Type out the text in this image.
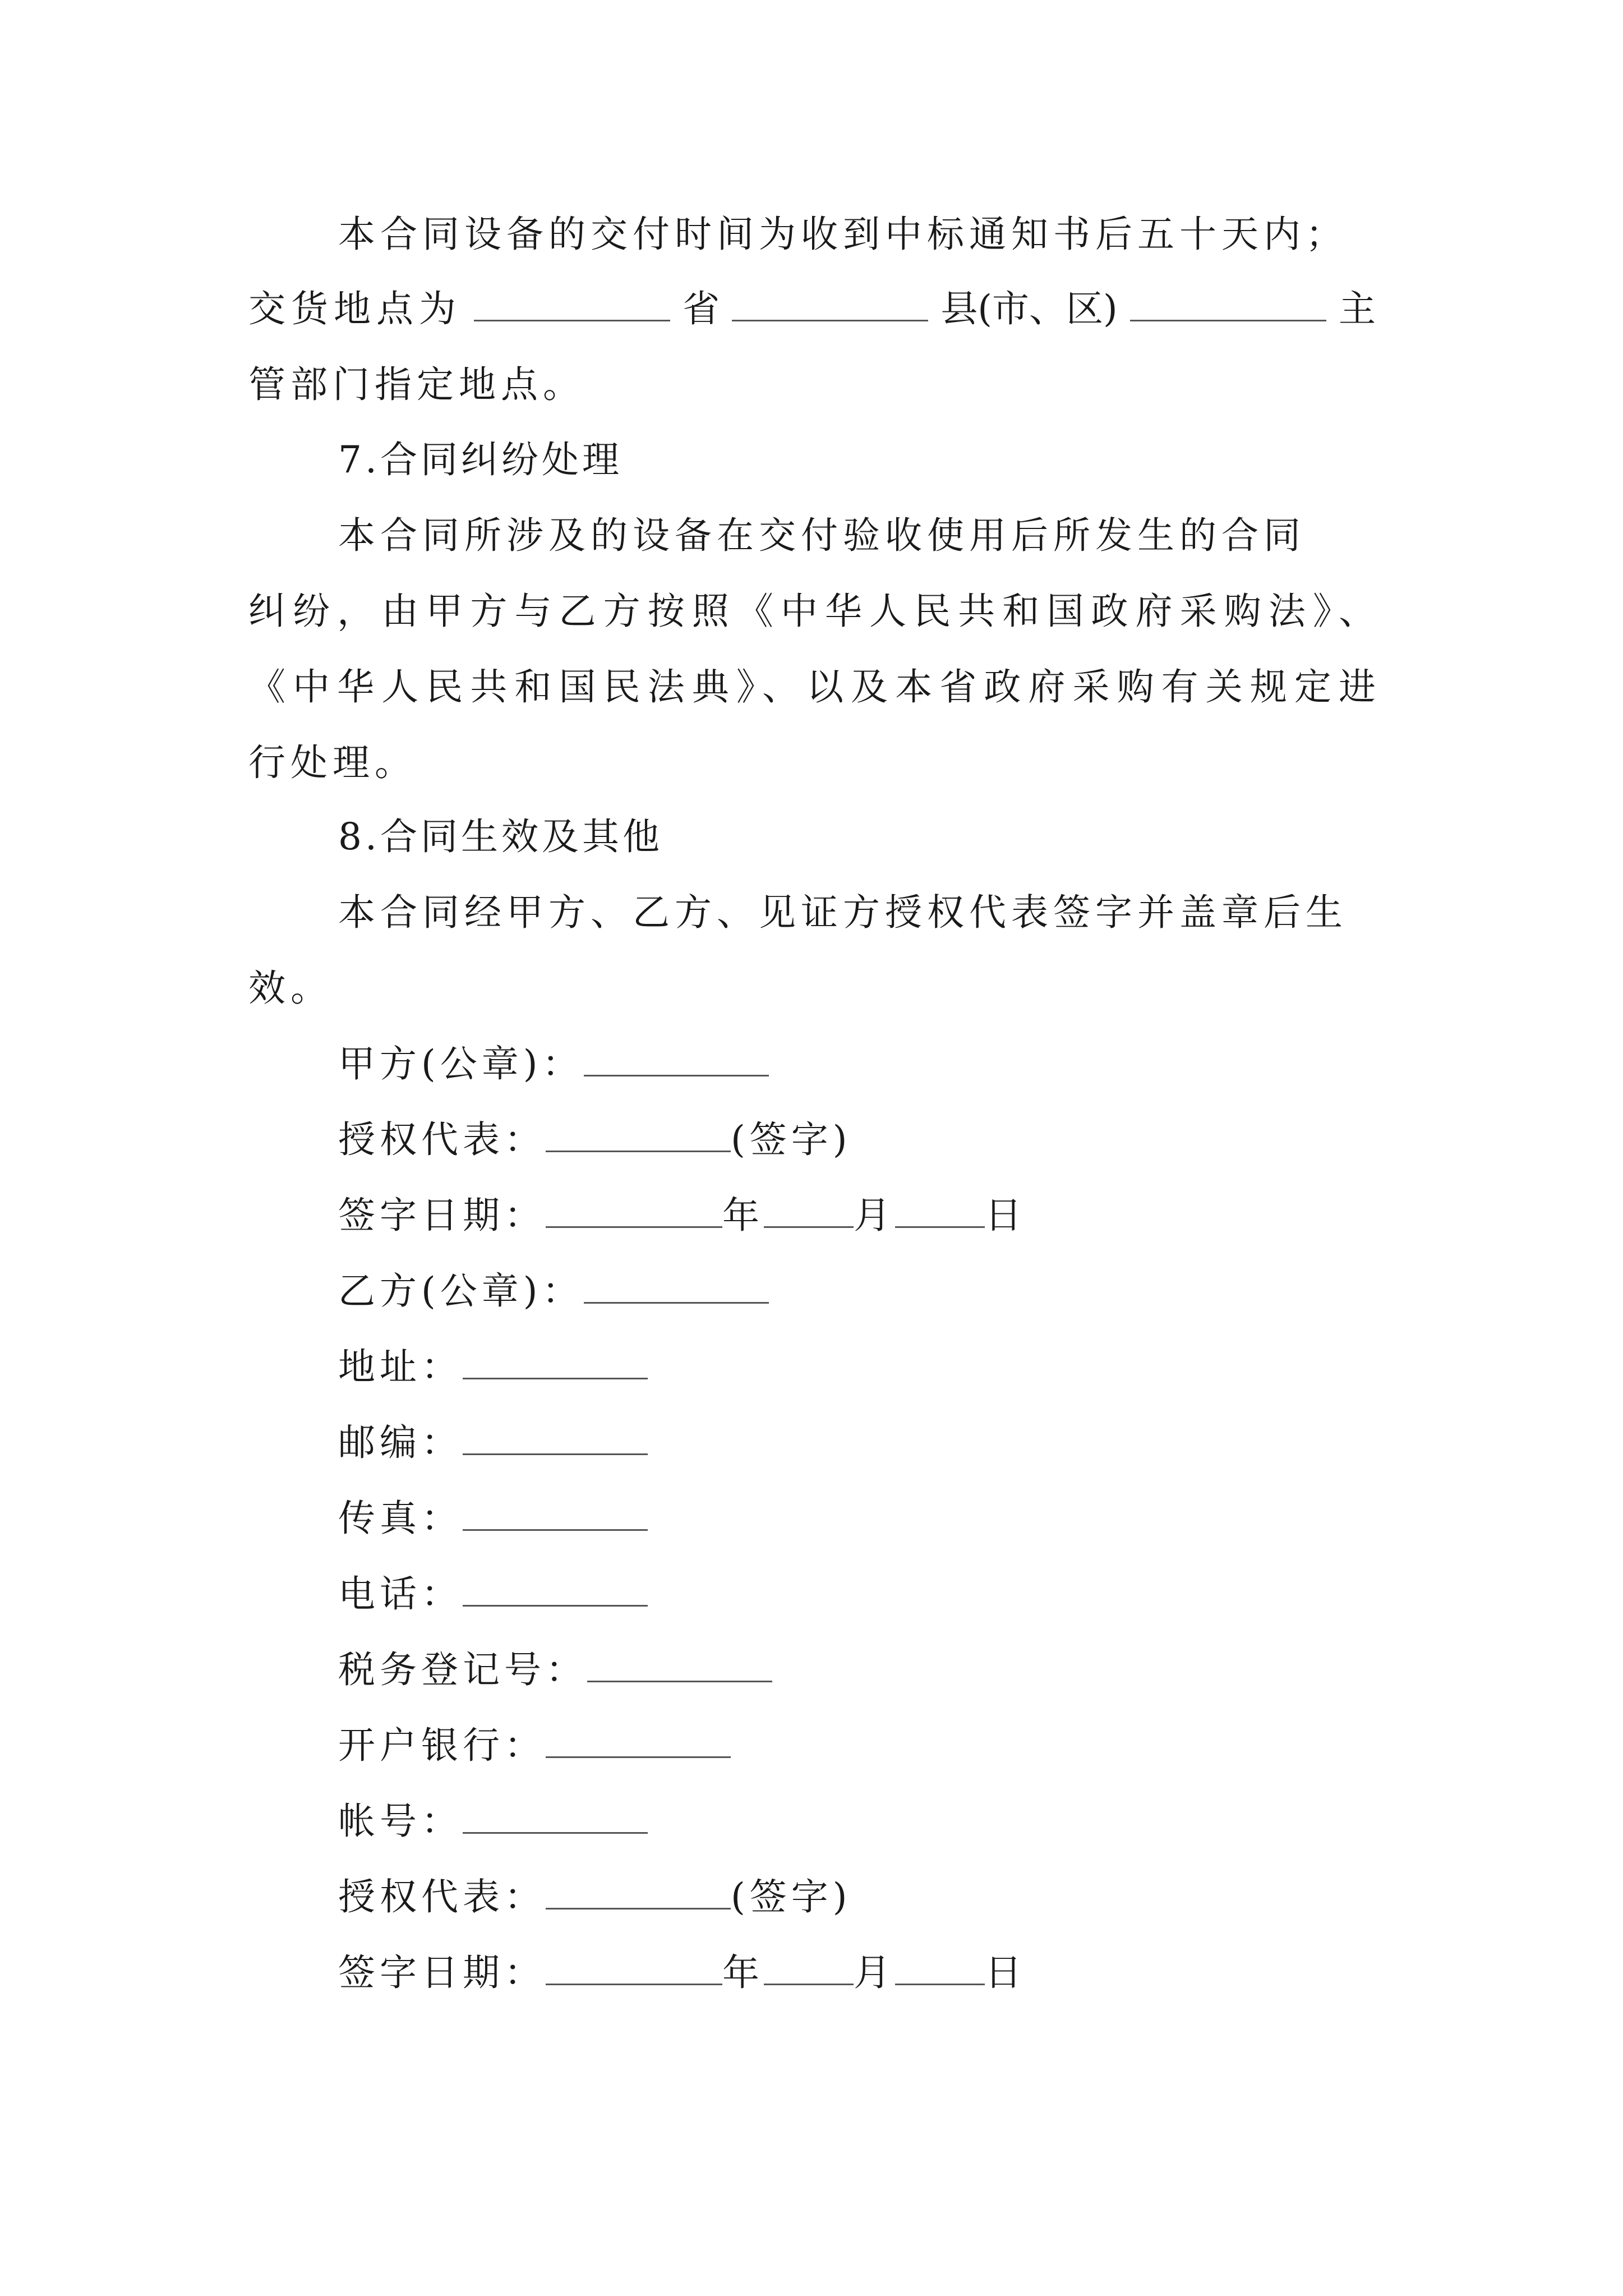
本合同设备的交付时间为收到中标通知书后五十天内；
交货地点为	省	县(市、区)	主
管部门指定地点。
7.合同纠纷处理
本合同所涉及的设备在交付验收使用后所发生的合同
纠纷，由甲方与乙方按照《中华人民共和国政府采购法》、
《中华人民共和国民法典》、以及本省政府采购有关规定进
行处理。
8.合同生效及其他
本合同经甲方、乙方、见证方授权代表签字并盖章后生
效。
甲方(公章)：
授权代表：	(签字)
签字日期：	年 月 日
乙方(公章)：
地址：
邮编：
传真：
电话：
税务登记号：
开户银行：
帐号：
授权代表：	(签字)
签字日期：	年 月 日
